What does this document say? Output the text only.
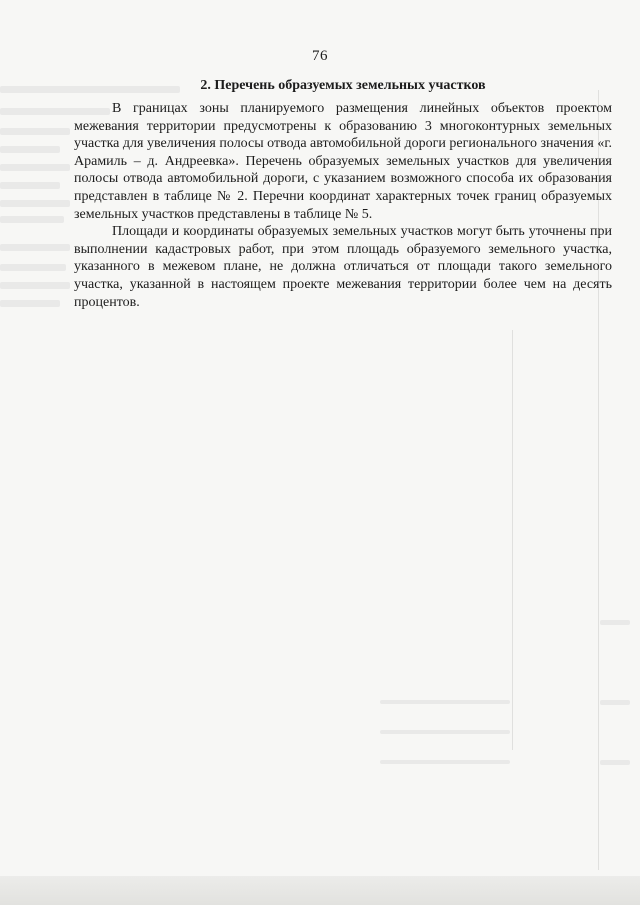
76
2. Перечень образуемых земельных участков

В границах зоны планируемого размещения линейных объектов проектом межевания территории предусмотрены к образованию 3 многоконтурных земельных участка для увеличения полосы отвода автомобильной дороги регионального значения «г. Арамиль – д. Андреевка». Перечень образуемых земельных участков для увеличения полосы отвода автомобильной дороги, с указанием возможного способа их образования представлен в таблице № 2. Перечни координат характерных точек границ образуемых земельных участков представлены в таблице № 5.

Площади и координаты образуемых земельных участков могут быть уточнены при выполнении кадастровых работ, при этом площадь образуемого земельного участка, указанного в межевом плане, не должна отличаться от площади такого земельного участка, указанной в настоящем проекте межевания территории более чем на десять процентов.
